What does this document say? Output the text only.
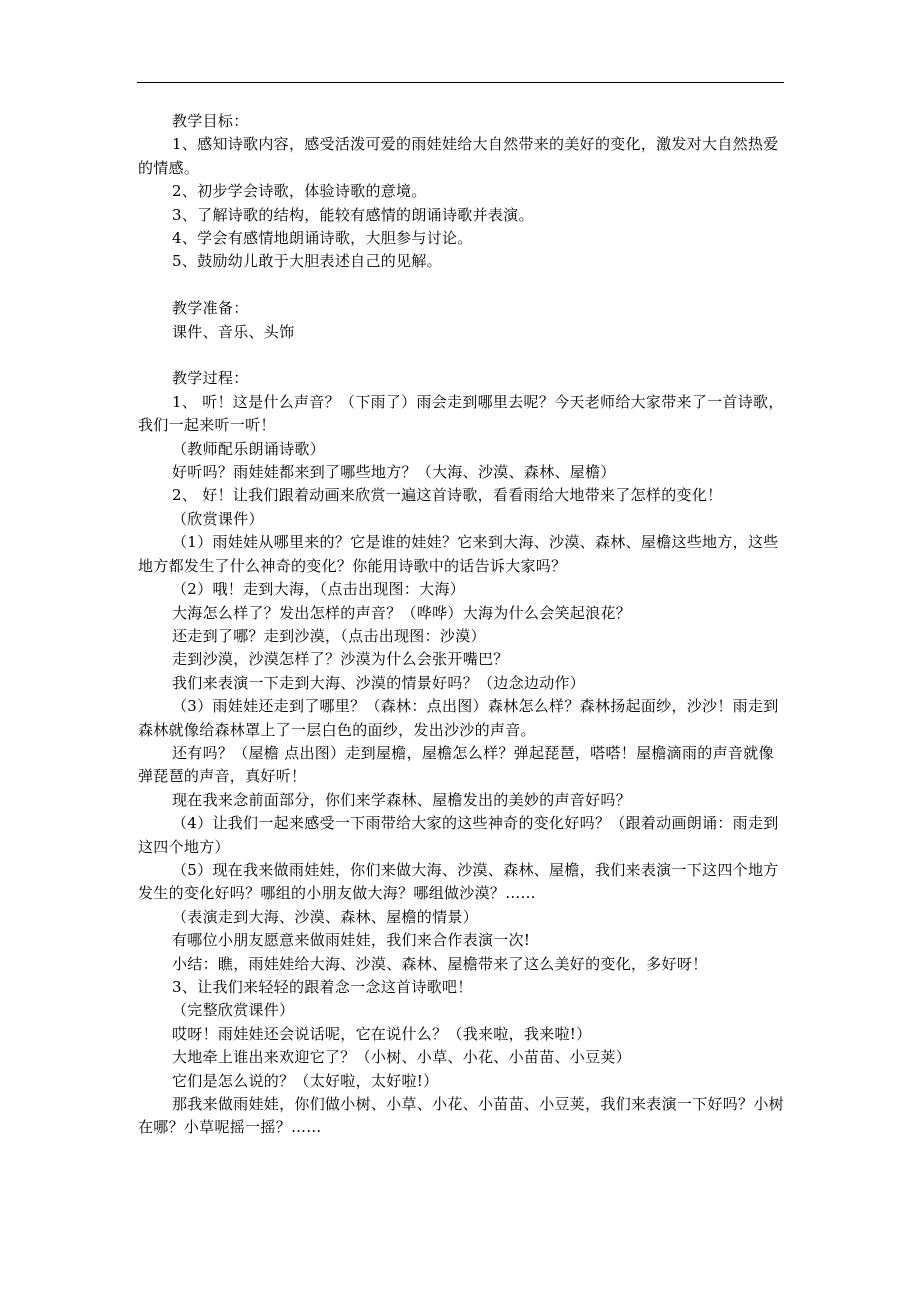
教学目标：

1、感知诗歌内容，感受活泼可爱的雨娃娃给大自然带来的美好的变化，激发对大自然热爱的情感。

2、初步学会诗歌，体验诗歌的意境。

3、了解诗歌的结构，能较有感情的朗诵诗歌并表演。

4、学会有感情地朗诵诗歌，大胆参与讨论。

5、鼓励幼儿敢于大胆表述自己的见解。

教学准备：

课件、音乐、头饰

教学过程：

1、 听！这是什么声音？（下雨了）雨会走到哪里去呢？今天老师给大家带来了一首诗歌，我们一起来听一听！

（教师配乐朗诵诗歌）

好听吗？雨娃娃都来到了哪些地方？（大海、沙漠、森林、屋檐）

2、 好！让我们跟着动画来欣赏一遍这首诗歌，看看雨给大地带来了怎样的变化！

（欣赏课件）

（1）雨娃娃从哪里来的？它是谁的娃娃？它来到大海、沙漠、森林、屋檐这些地方，这些地方都发生了什么神奇的变化？你能用诗歌中的话告诉大家吗？

（2）哦！走到大海，（点击出现图：大海）

大海怎么样了？发出怎样的声音？（哗哗）大海为什么会笑起浪花？

还走到了哪？走到沙漠，（点击出现图：沙漠）

走到沙漠，沙漠怎样了？沙漠为什么会张开嘴巴？

我们来表演一下走到大海、沙漠的情景好吗？（边念边动作）

（3）雨娃娃还走到了哪里？（森林：点出图）森林怎么样？森林扬起面纱，沙沙！雨走到森林就像给森林罩上了一层白色的面纱，发出沙沙的声音。

还有吗？（屋檐 点出图）走到屋檐，屋檐怎么样？弹起琵琶，嗒嗒！屋檐滴雨的声音就像弹琵琶的声音，真好听！

现在我来念前面部分，你们来学森林、屋檐发出的美妙的声音好吗？

（4）让我们一起来感受一下雨带给大家的这些神奇的变化好吗？（跟着动画朗诵：雨走到这四个地方）

（5）现在我来做雨娃娃，你们来做大海、沙漠、森林、屋檐，我们来表演一下这四个地方发生的变化好吗？哪组的小朋友做大海？哪组做沙漠？……

（表演走到大海、沙漠、森林、屋檐的情景）

有哪位小朋友愿意来做雨娃娃，我们来合作表演一次!

小结：瞧，雨娃娃给大海、沙漠、森林、屋檐带来了这么美好的变化，多好呀！

3、让我们来轻轻的跟着念一念这首诗歌吧！

（完整欣赏课件）

哎呀！雨娃娃还会说话呢，它在说什么？（我来啦，我来啦!）

大地牵上谁出来欢迎它了？（小树、小草、小花、小苗苗、小豆荚）

它们是怎么说的？（太好啦，太好啦!）

那我来做雨娃娃，你们做小树、小草、小花、小苗苗、小豆荚，我们来表演一下好吗？小树在哪？小草呢摇一摇？……
